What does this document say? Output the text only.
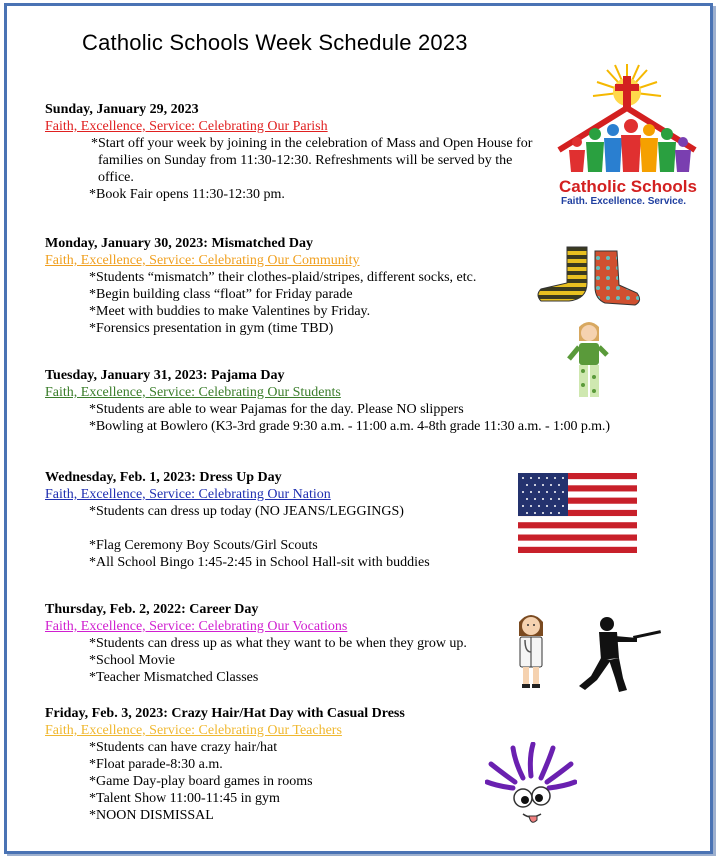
Catholic Schools Week Schedule 2023
Sunday, January 29, 2023
Faith, Excellence, Service: Celebrating Our Parish
*Start off your week by joining in the celebration of Mass and Open House for families on Sunday from 11:30-12:30. Refreshments will be served by the office.
*Book Fair opens 11:30-12:30 pm.
Monday, January 30, 2023: Mismatched Day
Faith, Excellence, Service: Celebrating Our Community
*Students “mismatch” their clothes-plaid/stripes, different socks, etc.
*Begin building class “float” for Friday parade
*Meet with buddies to make Valentines by Friday.
*Forensics presentation in gym (time TBD)
Tuesday, January 31, 2023: Pajama Day
Faith, Excellence, Service: Celebrating Our Students
*Students are able to wear Pajamas for the day. Please NO slippers
*Bowling at Bowlero (K3-3rd grade 9:30 a.m. - 11:00 a.m. 4-8th grade 11:30 a.m. - 1:00 p.m.)
Wednesday, Feb. 1, 2023: Dress Up Day
Faith, Excellence, Service: Celebrating Our Nation
*Students can dress up today (NO JEANS/LEGGINGS)
*Flag Ceremony Boy Scouts/Girl Scouts
*All School Bingo 1:45-2:45 in School Hall-sit with buddies
Thursday, Feb. 2, 2022: Career Day
Faith, Excellence, Service: Celebrating Our Vocations
*Students can dress up as what they want to be when they grow up.
*School Movie
*Teacher Mismatched Classes
Friday, Feb. 3, 2023: Crazy Hair/Hat Day with Casual Dress
Faith, Excellence, Service: Celebrating Our Teachers
*Students can have crazy hair/hat
*Float parade-8:30 a.m.
*Game Day-play board games in rooms
*Talent Show 11:00-11:45 in gym
*NOON DISMISSAL
Catholic Schools
Faith. Excellence. Service.
